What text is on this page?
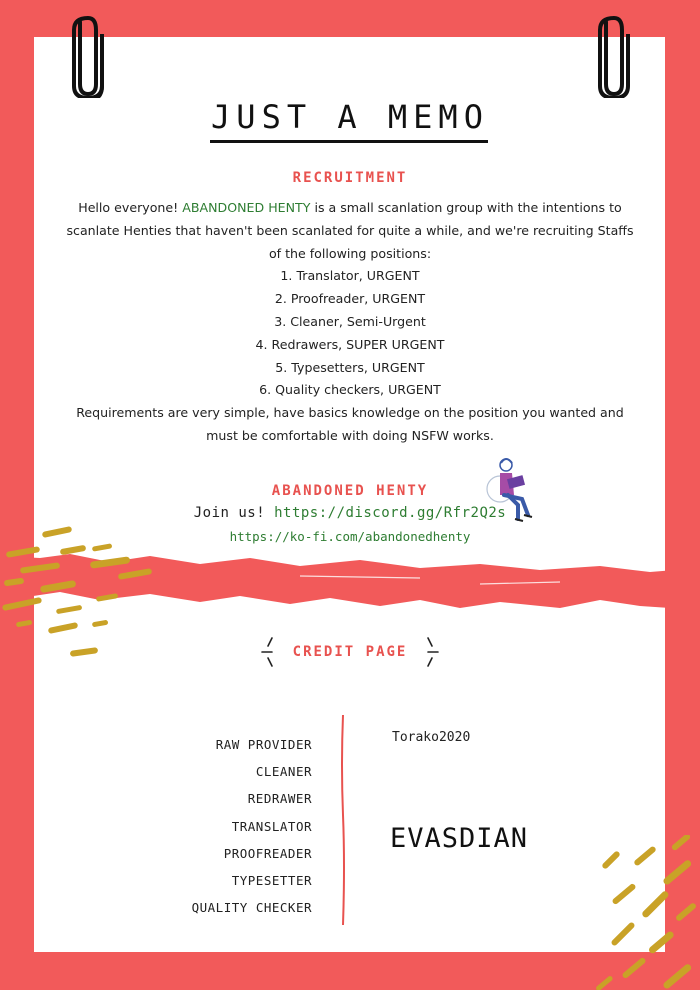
JUST A MEMO
RECRUITMENT
Hello everyone! ABANDONED HENTY is a small scanlation group with the intentions to scanlate Henties that haven't been scanlated for quite a while, and we're recruiting Staffs of the following positions:
1. Translator, URGENT
2. Proofreader, URGENT
3. Cleaner, Semi-Urgent
4. Redrawers, SUPER URGENT
5. Typesetters, URGENT
6. Quality checkers, URGENT
Requirements are very simple, have basics knowledge on the position you wanted and must be comfortable with doing NSFW works.
ABANDONED HENTY
Join us! https://discord.gg/Rfr2Q2s
https://ko-fi.com/abandonedhenty
CREDIT PAGE
RAW PROVIDER
CLEANER
REDRAWER
TRANSLATOR
PROOFREADER
TYPESETTER
QUALITY CHECKER
Torako2020
EVASDIAN
